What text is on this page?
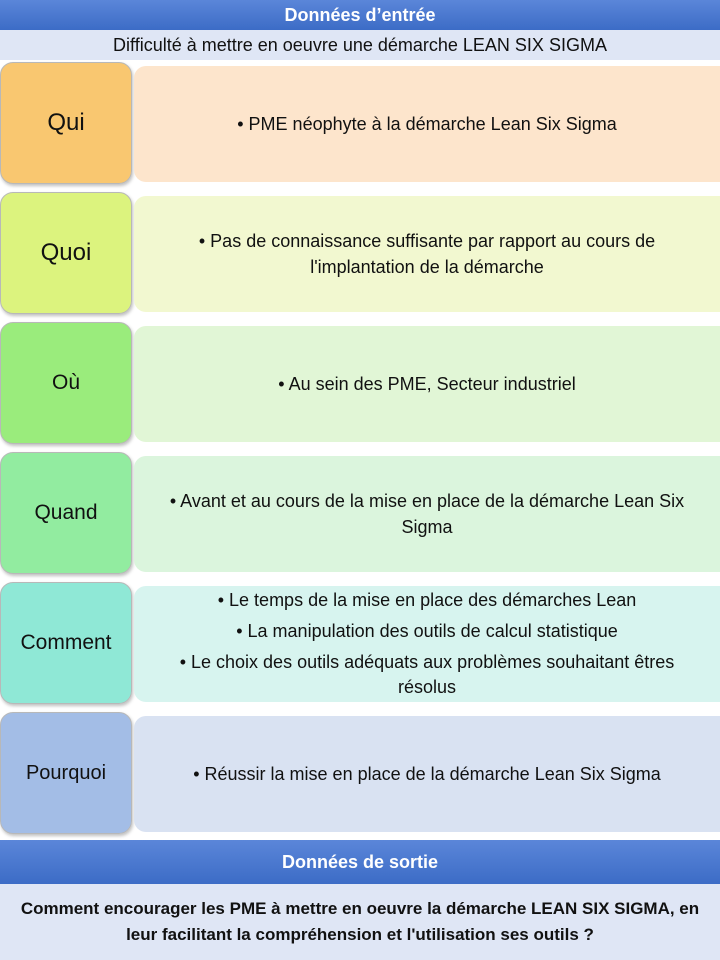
Données d’entrée
Difficulté à mettre en oeuvre une démarche LEAN SIX SIGMA
Qui	• PME néophyte à la démarche Lean Six Sigma
Quoi	• Pas de connaissance suffisante par rapport au cours de l'implantation de la démarche
Où	• Au sein des PME, Secteur industriel
Quand	• Avant et au cours de la mise en place de la démarche Lean Six Sigma
Comment
• Le temps de la mise en place des démarches Lean
• La manipulation des outils de calcul statistique
• Le choix des outils adéquats aux problèmes souhaitant êtres résolus
Pourquoi	• Réussir la mise en place de la démarche Lean Six Sigma
Données de sortie
Comment encourager les PME à mettre en oeuvre la démarche LEAN SIX SIGMA, en leur facilitant la compréhension et l'utilisation ses outils ?
